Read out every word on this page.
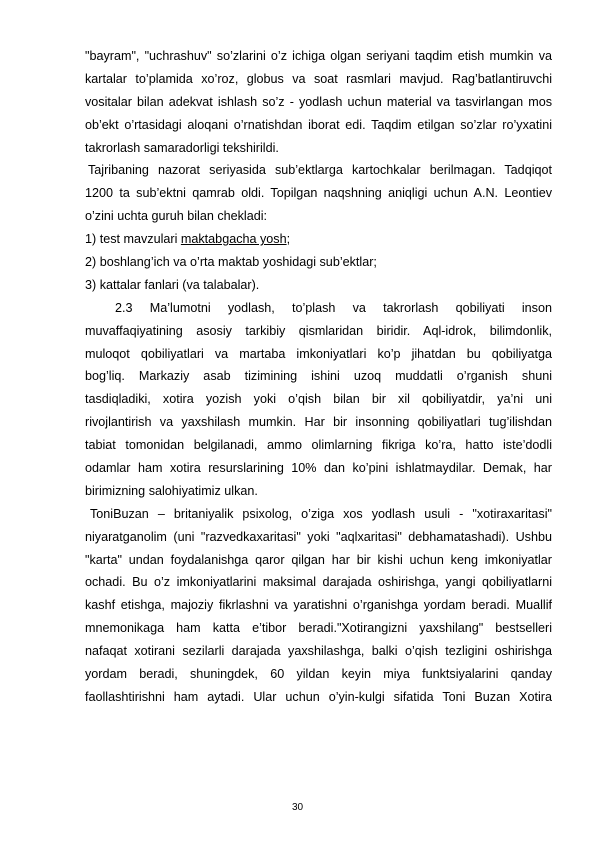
"bayram", "uchrashuv" so’zlarini o’z ichiga olgan seriyani taqdim etish mumkin va
kartalar to’plamida xo’roz, globus va soat rasmlari mavjud. Rag’batlantiruvchi
vositalar bilan adekvat ishlash so’z - yodlash uchun material va tasvirlangan mos
ob’ekt o’rtasidagi aloqani o’rnatishdan iborat edi. Taqdim etilgan so’zlar ro’yxatini
takrorlash samaradorligi tekshirildi.
Tajribaning nazorat seriyasida sub’ektlarga kartochkalar berilmagan. Tadqiqot
1200 ta sub’ektni qamrab oldi. Topilgan naqshning aniqligi uchun A.N. Leontiev
o’zini uchta guruh bilan chekladi:
1) test mavzulari maktabgacha yosh;
2) boshlang’ich va o’rta maktab yoshidagi sub’ektlar;
3) kattalar fanlari (va talabalar).
2.3 Ma’lumotni yodlash, to’plash va takrorlash qobiliyati inson
muvaffaqiyatining asosiy tarkibiy qismlaridan biridir. Aql-idrok, bilimdonlik,
muloqot qobiliyatlari va martaba imkoniyatlari ko’p jihatdan bu qobiliyatga
bog’liq. Markaziy asab tizimining ishini uzoq muddatli o’rganish shuni
tasdiqladiki, xotira yozish yoki o’qish bilan bir xil qobiliyatdir, ya’ni uni
rivojlantirish va yaxshilash mumkin. Har bir insonning qobiliyatlari tug’ilishdan
tabiat tomonidan belgilanadi, ammo olimlarning fikriga ko’ra, hatto iste’dodli
odamlar ham xotira resurslarining 10% dan ko’pini ishlatmaydilar. Demak, har
birimizning salohiyatimiz ulkan.
ToniBuzan – britaniyalik psixolog, o’ziga xos yodlash usuli - "xotiraxaritasi"
niyaratganolim (uni "razvedkaxaritasi" yoki "aqlxaritasi" debhamatashadi). Ushbu
"karta" undan foydalanishga qaror qilgan har bir kishi uchun keng imkoniyatlar
ochadi. Bu o’z imkoniyatlarini maksimal darajada oshirishga, yangi qobiliyatlarni
kashf etishga, majoziy fikrlashni va yaratishni o’rganishga yordam beradi. Muallif
mnemonikaga ham katta e’tibor beradi."Xotirangizni yaxshilang" bestselleri
nafaqat xotirani sezilarli darajada yaxshilashga, balki o’qish tezligini oshirishga
yordam beradi, shuningdek, 60 yildan keyin miya funktsiyalarini qanday
faollashtirishni ham aytadi. Ular uchun o’yin-kulgi sifatida Toni Buzan Xotira
30
